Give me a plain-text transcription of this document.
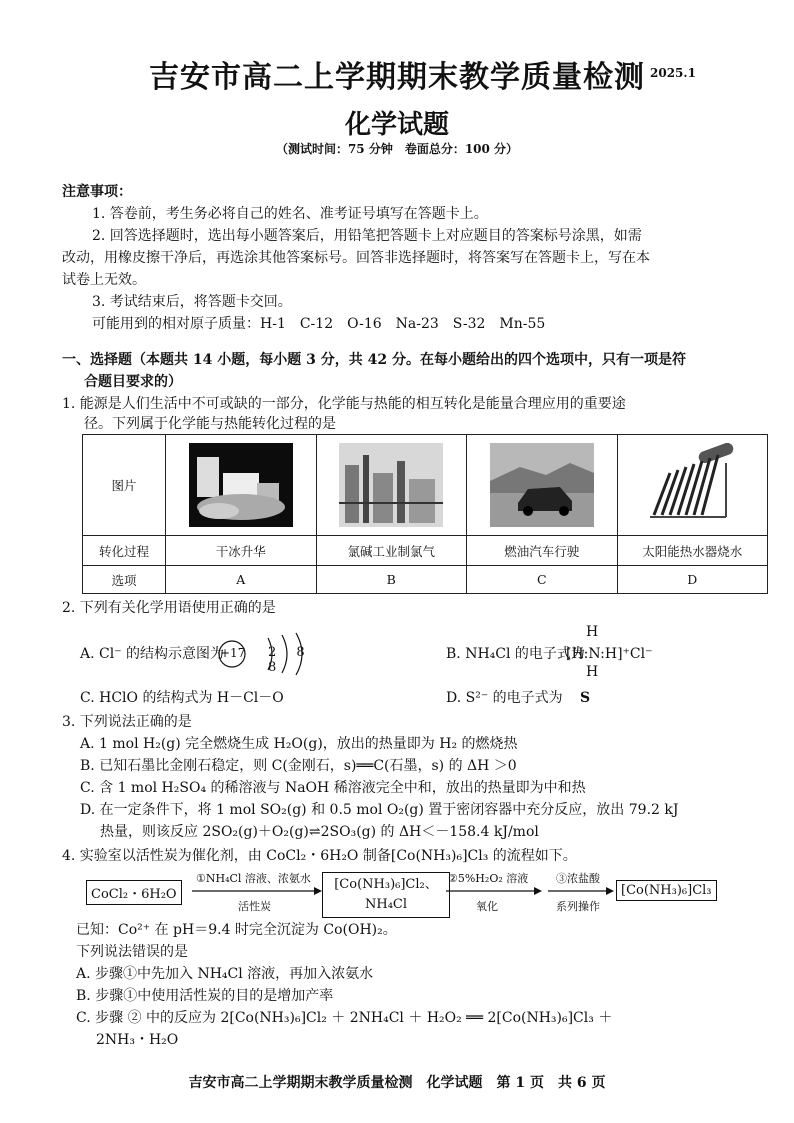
吉安市高二上学期期末教学质量检测 2025.1
化学试题
（测试时间：75 分钟　卷面总分：100 分）
注意事项：
1. 答卷前，考生务必将自己的姓名、准考证号填写在答题卡上。
2. 回答选择题时，选出每小题答案后，用铅笔把答题卡上对应题目的答案标号涂黑，如需
改动，用橡皮擦干净后，再选涂其他答案标号。回答非选择题时，将答案写在答题卡上，写在本
试卷上无效。
3. 考试结束后，将答题卡交回。
可能用到的相对原子质量：H-1　C-12　O-16　Na-23　S-32　Mn-55
一、选择题（本题共 14 小题，每小题 3 分，共 42 分。在每小题给出的四个选项中，只有一项是符
合题目要求的）
1. 能源是人们生活中不可或缺的一部分，化学能与热能的相互转化是能量合理应用的重要途
径。下列属于化学能与热能转化过程的是
图片	

转化过程	干冰升华	氯碱工业制氯气	燃油汽车行驶	太阳能热水器烧水
选项	A	B	C	D
2. 下列有关化学用语使用正确的是
A. Cl⁻ 的结构示意图为
+17 2 8 8
B. NH₄Cl 的电子式为
H
[H:N:H]⁺Cl⁻
H
C. HClO 的结构式为 H－Cl－O	D. S²⁻ 的电子式为 S
3. 下列说法正确的是
A. 1 mol H₂(g) 完全燃烧生成 H₂O(g)，放出的热量即为 H₂ 的燃烧热
B. 已知石墨比金刚石稳定，则 C(金刚石，s)══C(石墨，s) 的 ΔH ＞0
C. 含 1 mol H₂SO₄ 的稀溶液与 NaOH 稀溶液完全中和，放出的热量即为中和热
D. 在一定条件下，将 1 mol SO₂(g) 和 0.5 mol O₂(g) 置于密闭容器中充分反应，放出 79.2 kJ
热量，则该反应 2SO₂(g)＋O₂(g)⇌2SO₃(g) 的 ΔH＜－158.4 kJ/mol
4. 实验室以活性炭为催化剂，由 CoCl₂・6H₂O 制备[Co(NH₃)₆]Cl₃ 的流程如下。
CoCl₂・6H₂O
①NH₄Cl 溶液、浓氨水
活性炭
[Co(NH₃)₆]Cl₂、
NH₄Cl
②5%H₂O₂ 溶液
氧化
③浓盐酸
系列操作
[Co(NH₃)₆]Cl₃
已知：Co²⁺ 在 pH＝9.4 时完全沉淀为 Co(OH)₂。
下列说法错误的是
A. 步骤①中先加入 NH₄Cl 溶液，再加入浓氨水
B. 步骤①中使用活性炭的目的是增加产率
C. 步骤 ② 中的反应为 2[Co(NH₃)₆]Cl₂ ＋ 2NH₄Cl ＋ H₂O₂ ══ 2[Co(NH₃)₆]Cl₃ ＋
2NH₃・H₂O
吉安市高二上学期期末教学质量检测　化学试题　第 1 页　共 6 页
